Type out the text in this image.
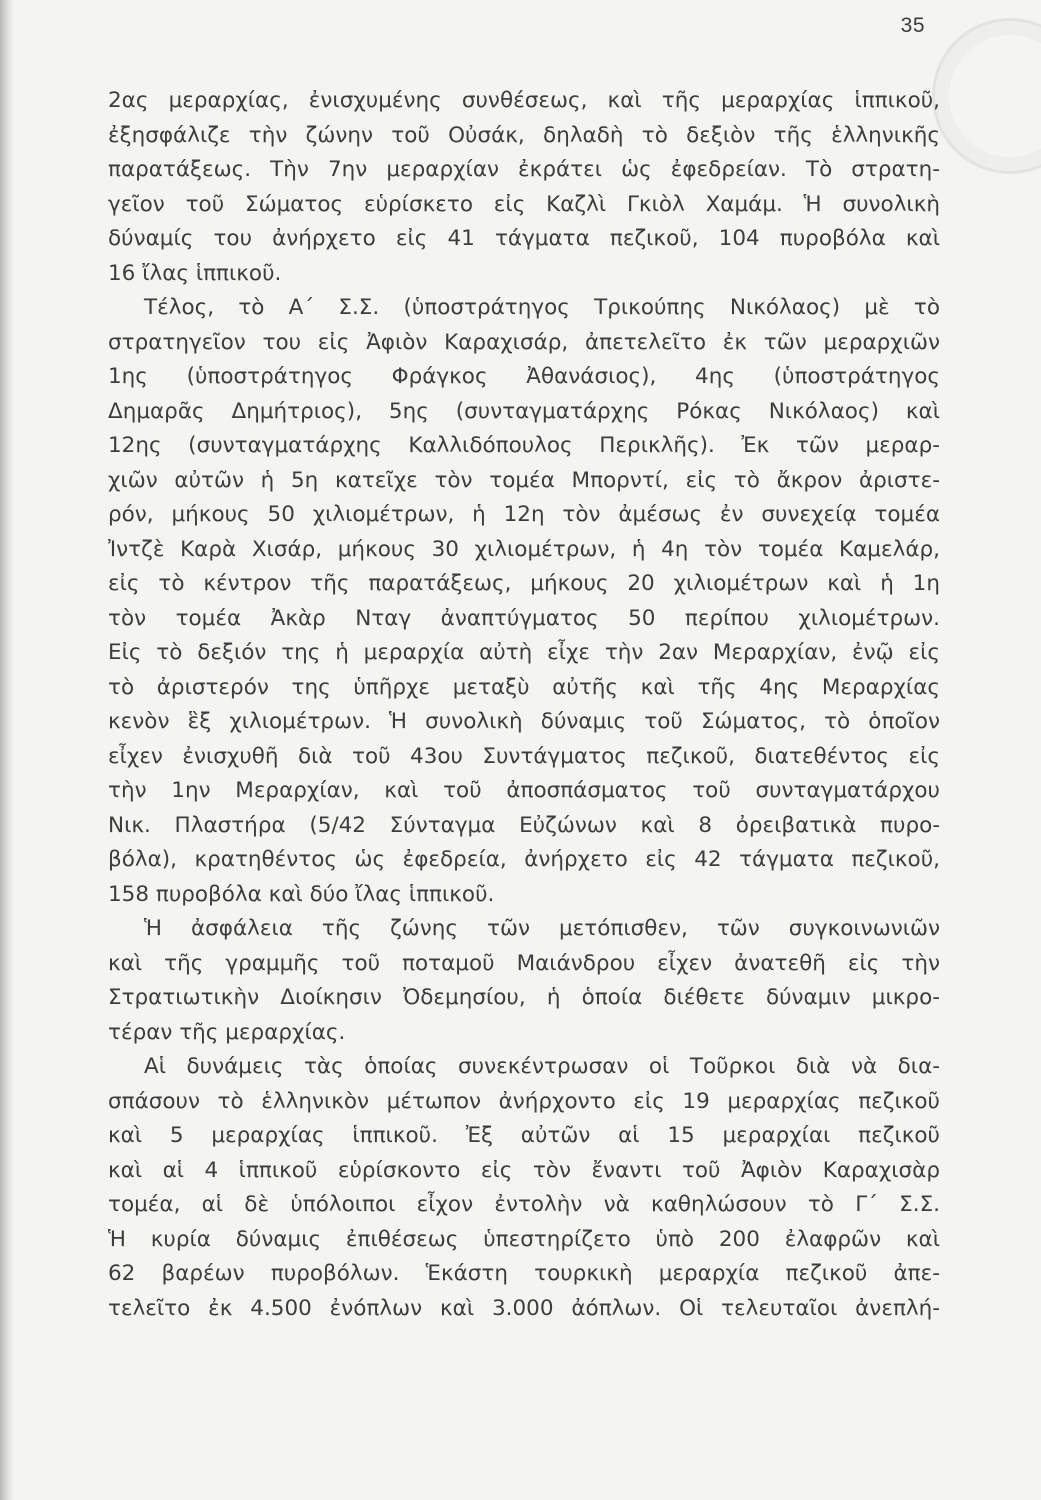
35
2ας μεραρχίας, ἐνισχυμένης συνθέσεως, καὶ τῆς μεραρχίας ἱππικοῦ,
ἐξησφάλιζε τὴν ζώνην τοῦ Οὐσάκ, δηλαδὴ τὸ δεξιὸν τῆς ἑλληνικῆς
παρατάξεως. Τὴν 7ην μεραρχίαν ἐκράτει ὡς ἐφεδρείαν. Τὸ στρατη-
γεῖον τοῦ Σώματος εὑρίσκετο εἰς Καζλὶ Γκιὸλ Χαμάμ. Ἡ συνολικὴ
δύναμίς του ἀνήρχετο εἰς 41 τάγματα πεζικοῦ, 104 πυροβόλα καὶ
16 ἴλας ἱππικοῦ.
Τέλος, τὸ Α΄ Σ.Σ. (ὑποστράτηγος Τρικούπης Νικόλαος) μὲ τὸ
στρατηγεῖον του εἰς Ἀφιὸν Καραχισάρ, ἀπετελεῖτο ἐκ τῶν μεραρχιῶν
1ης (ὑποστράτηγος Φράγκος Ἀθανάσιος), 4ης (ὑποστράτηγος
Δημαρᾶς Δημήτριος), 5ης (συνταγματάρχης Ρόκας Νικόλαος) καὶ
12ης (συνταγματάρχης Καλλιδόπουλος Περικλῆς). Ἐκ τῶν μεραρ-
χιῶν αὐτῶν ἡ 5η κατεῖχε τὸν τομέα Μπορντί, εἰς τὸ ἄκρον ἀριστε-
ρόν, μήκους 50 χιλιομέτρων, ἡ 12η τὸν ἀμέσως ἐν συνεχείᾳ τομέα
Ἰντζὲ Καρὰ Χισάρ, μήκους 30 χιλιομέτρων, ἡ 4η τὸν τομέα Καμελάρ,
εἰς τὸ κέντρον τῆς παρατάξεως, μήκους 20 χιλιομέτρων καὶ ἡ 1η
τὸν τομέα Ἀκὰρ Νταγ ἀναπτύγματος 50 περίπου χιλιομέτρων.
Εἰς τὸ δεξιόν της ἡ μεραρχία αὐτὴ εἶχε τὴν 2αν Μεραρχίαν, ἐνῷ εἰς
τὸ ἀριστερόν της ὑπῆρχε μεταξὺ αὐτῆς καὶ τῆς 4ης Μεραρχίας
κενὸν ἓξ χιλιομέτρων. Ἡ συνολικὴ δύναμις τοῦ Σώματος, τὸ ὁποῖον
εἶχεν ἐνισχυθῆ διὰ τοῦ 43ου Συντάγματος πεζικοῦ, διατεθέντος εἰς
τὴν 1ην Μεραρχίαν, καὶ τοῦ ἀποσπάσματος τοῦ συνταγματάρχου
Νικ. Πλαστήρα (5/42 Σύνταγμα Εὐζώνων καὶ 8 ὀρειβατικὰ πυρο-
βόλα), κρατηθέντος ὡς ἐφεδρεία, ἀνήρχετο εἰς 42 τάγματα πεζικοῦ,
158 πυροβόλα καὶ δύο ἴλας ἱππικοῦ.
Ἡ ἀσφάλεια τῆς ζώνης τῶν μετόπισθεν, τῶν συγκοινωνιῶν
καὶ τῆς γραμμῆς τοῦ ποταμοῦ Μαιάνδρου εἶχεν ἀνατεθῆ εἰς τὴν
Στρατιωτικὴν Διοίκησιν Ὀδεμησίου, ἡ ὁποία διέθετε δύναμιν μικρο-
τέραν τῆς μεραρχίας.
Αἱ δυνάμεις τὰς ὁποίας συνεκέντρωσαν οἱ Τοῦρκοι διὰ νὰ δια-
σπάσουν τὸ ἑλληνικὸν μέτωπον ἀνήρχοντο εἰς 19 μεραρχίας πεζικοῦ
καὶ 5 μεραρχίας ἱππικοῦ. Ἐξ αὐτῶν αἱ 15 μεραρχίαι πεζικοῦ
καὶ αἱ 4 ἱππικοῦ εὑρίσκοντο εἰς τὸν ἔναντι τοῦ Ἀφιὸν Καραχισὰρ
τομέα, αἱ δὲ ὑπόλοιποι εἶχον ἐντολὴν νὰ καθηλώσουν τὸ Γ΄ Σ.Σ.
Ἡ κυρία δύναμις ἐπιθέσεως ὑπεστηρίζετο ὑπὸ 200 ἐλαφρῶν καὶ
62 βαρέων πυροβόλων. Ἑκάστη τουρκικὴ μεραρχία πεζικοῦ ἀπε-
τελεῖτο ἐκ 4.500 ἐνόπλων καὶ 3.000 ἀόπλων. Οἱ τελευταῖοι ἀνεπλή-
